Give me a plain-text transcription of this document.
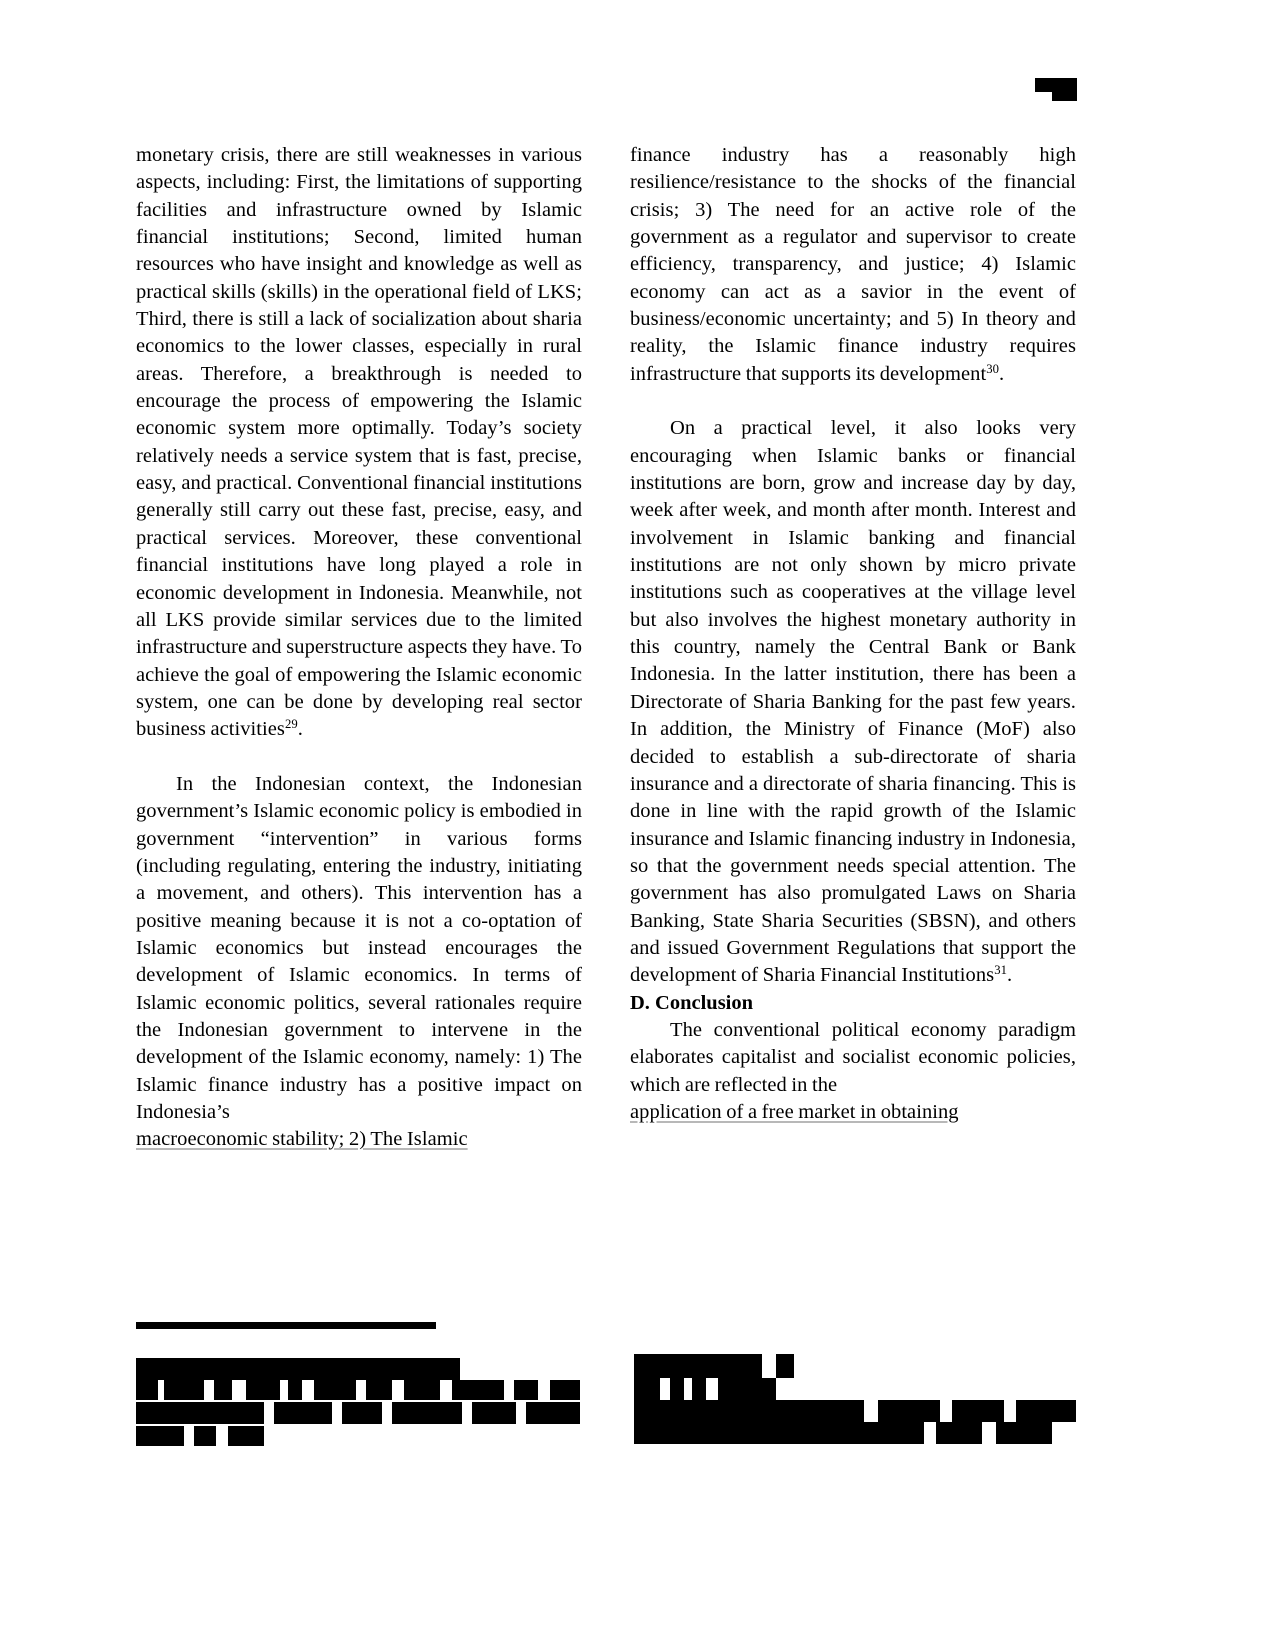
monetary crisis, there are still weaknesses in various aspects, including: First, the limitations of supporting facilities and infrastructure owned by Islamic financial institutions; Second, limited human resources who have insight and knowledge as well as practical skills (skills) in the operational field of LKS; Third, there is still a lack of socialization about sharia economics to the lower classes, especially in rural areas. Therefore, a breakthrough is needed to encourage the process of empowering the Islamic economic system more optimally. Today’s society relatively needs a service system that is fast, precise, easy, and practical. Conventional financial institutions generally still carry out these fast, precise, easy, and practical services. Moreover, these conventional financial institutions have long played a role in economic development in Indonesia. Meanwhile, not all LKS provide similar services due to the limited infrastructure and superstructure aspects they have. To achieve the goal of empowering the Islamic economic system, one can be done by developing real sector business activities$^{29}$.

In the Indonesian context, the Indonesian government’s Islamic economic policy is embodied in government “intervention” in various forms (including regulating, entering the industry, initiating a movement, and others). This intervention has a positive meaning because it is not a co-optation of Islamic economics but instead encourages the development of Islamic economics. In terms of Islamic economic politics, several rationales require the Indonesian government to intervene in the development of the Islamic economy, namely: 1) The Islamic finance industry has a positive impact on Indonesia’s

macroeconomic stability; 2) The Islamic

finance industry has a reasonably high resilience/resistance to the shocks of the financial crisis; 3) The need for an active role of the government as a regulator and supervisor to create efficiency, transparency, and justice; 4) Islamic economy can act as a savior in the event of business/economic uncertainty; and 5) In theory and reality, the Islamic finance industry requires infrastructure that supports its development$^{30}$.

On a practical level, it also looks very encouraging when Islamic banks or financial institutions are born, grow and increase day by day, week after week, and month after month. Interest and involvement in Islamic banking and financial institutions are not only shown by micro private institutions such as cooperatives at the village level but also involves the highest monetary authority in this country, namely the Central Bank or Bank Indonesia. In the latter institution, there has been a Directorate of Sharia Banking for the past few years. In addition, the Ministry of Finance (MoF) also decided to establish a sub-directorate of sharia insurance and a directorate of sharia financing. This is done in line with the rapid growth of the Islamic insurance and Islamic financing industry in Indonesia, so that the government needs special attention. The government has also promulgated Laws on Sharia Banking, State Sharia Securities (SBSN), and others and issued Government Regulations that support the development of Sharia Financial Institutions$^{31}$.

D. Conclusion

The conventional political economy paradigm elaborates capitalist and socialist economic policies, which are reflected in the

application of a free market in obtaining
